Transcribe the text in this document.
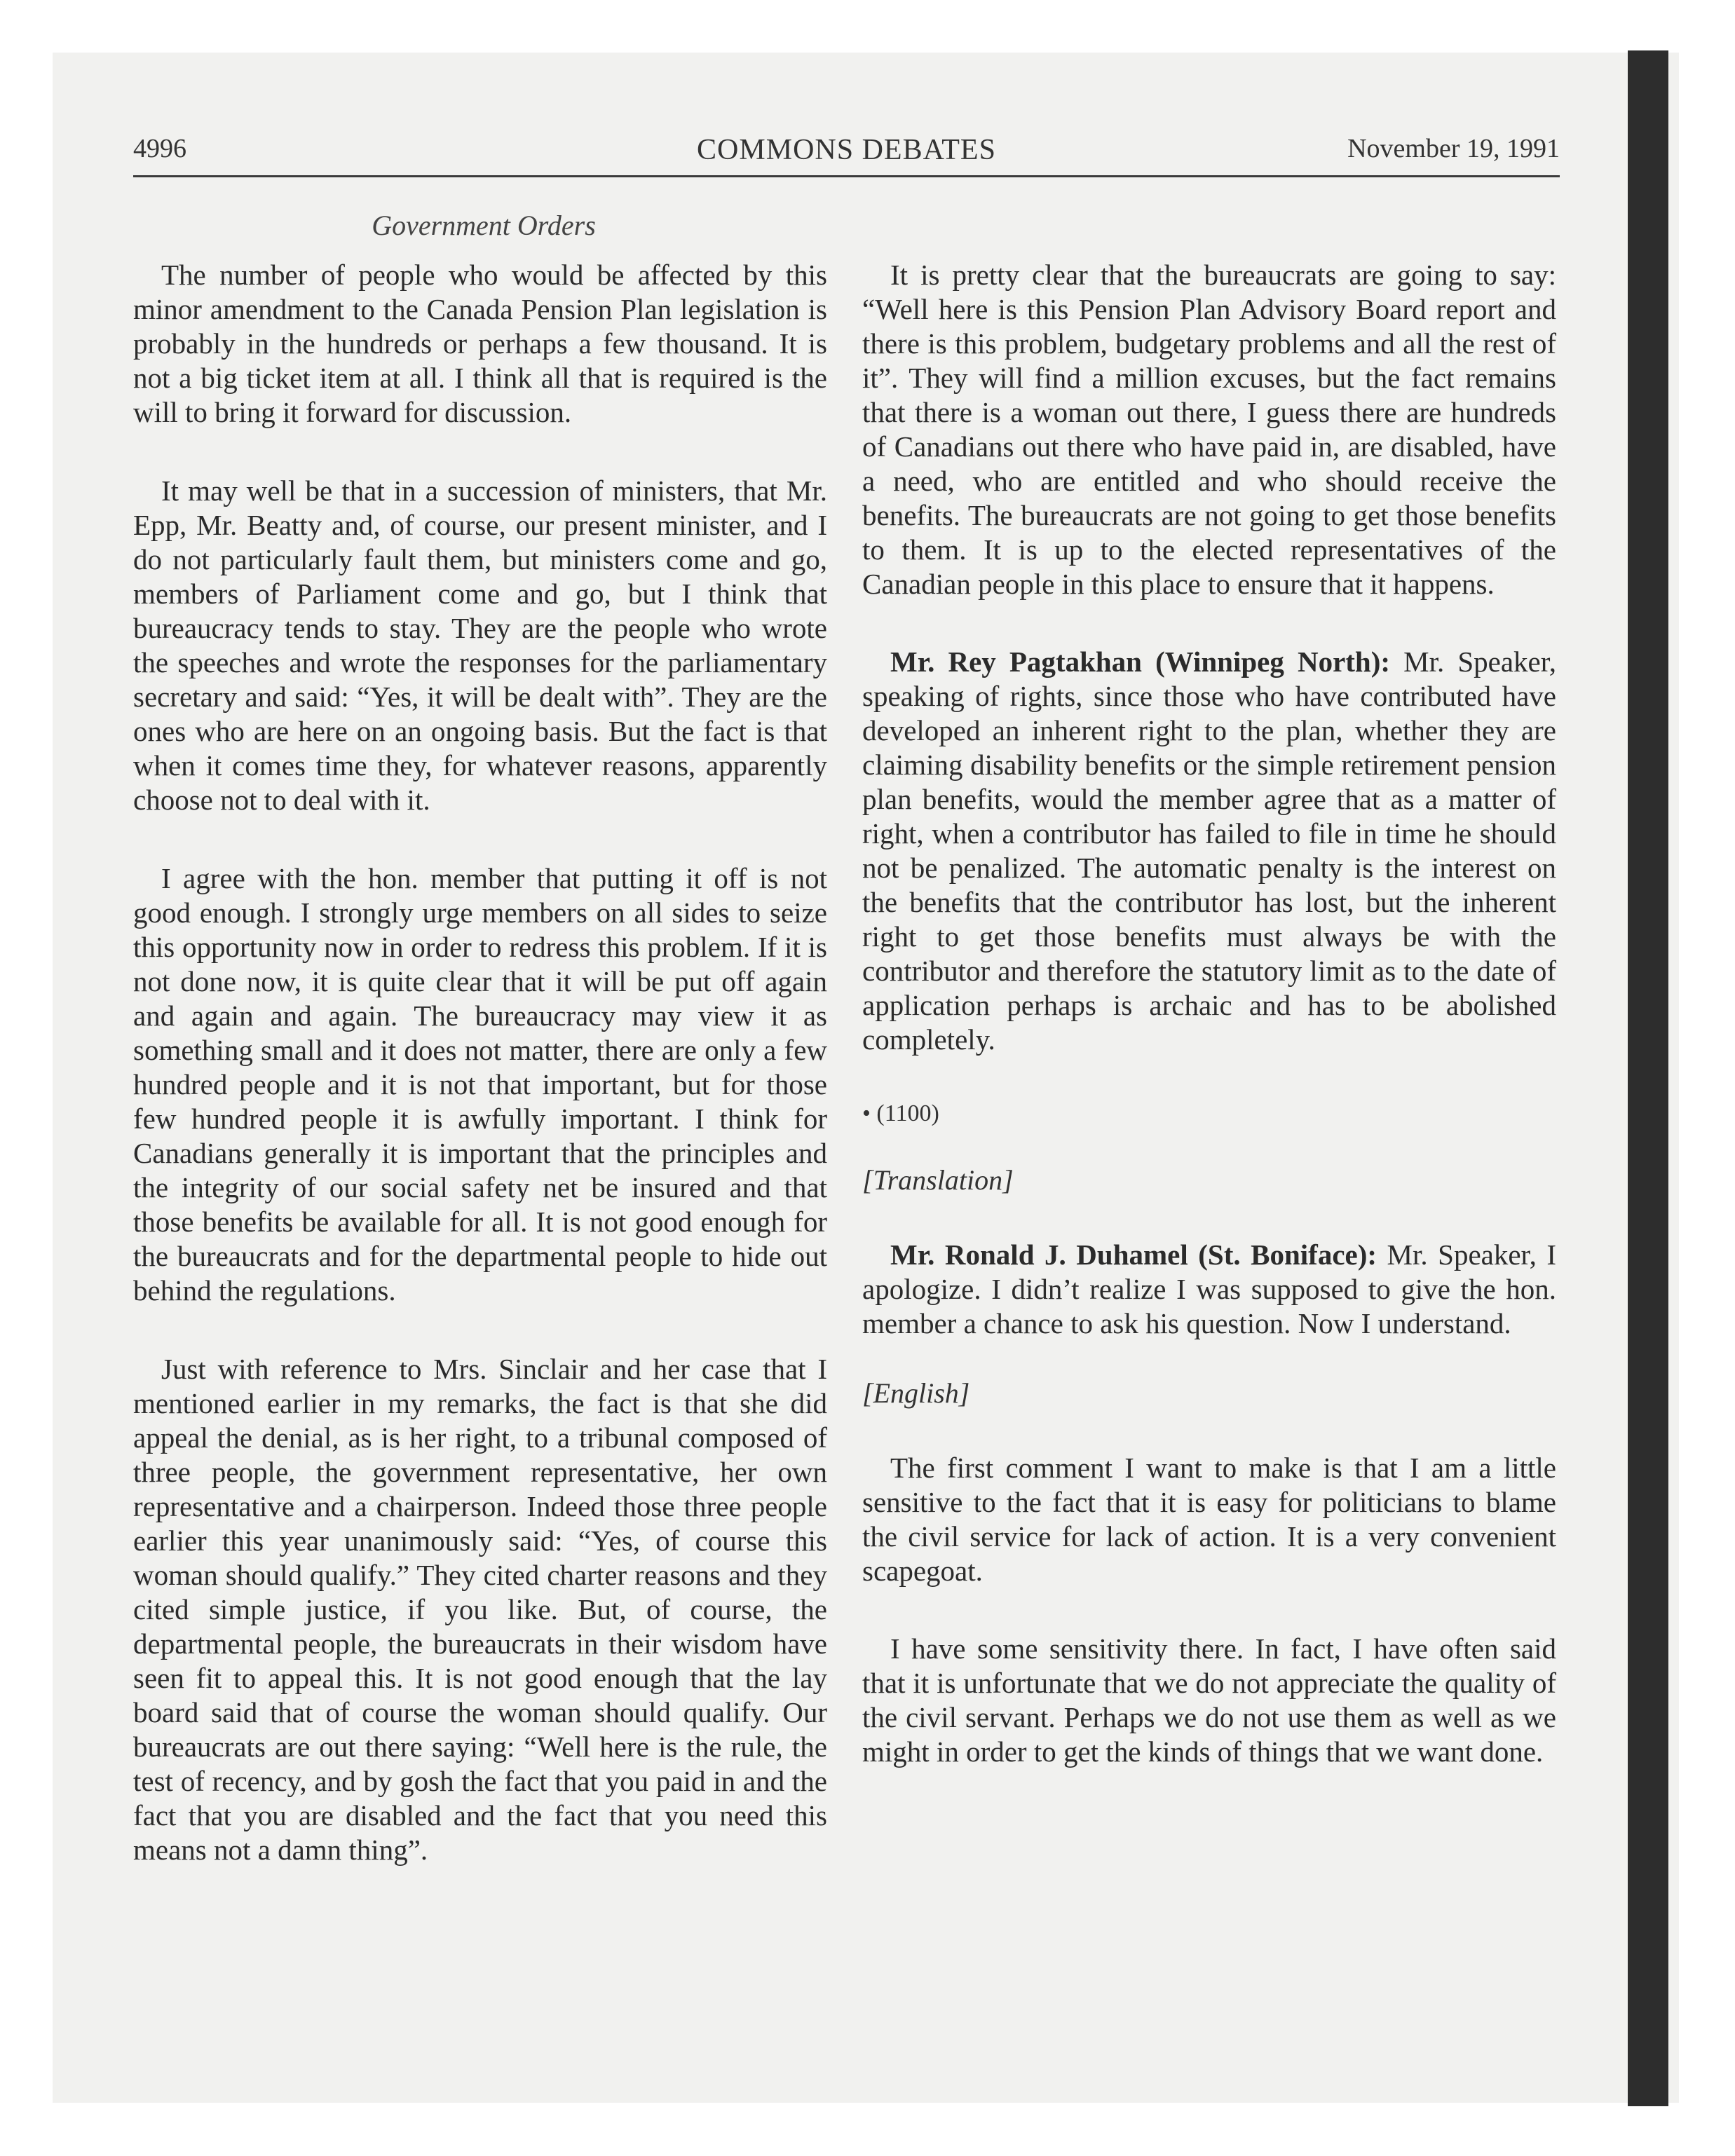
4996	COMMONS DEBATES	November 19, 1991
Government Orders

The number of people who would be affected by this minor amendment to the Canada Pension Plan legislation is probably in the hundreds or perhaps a few thousand. It is not a big ticket item at all. I think all that is required is the will to bring it forward for discussion.

It may well be that in a succession of ministers, that Mr. Epp, Mr. Beatty and, of course, our present minister, and I do not particularly fault them, but ministers come and go, members of Parliament come and go, but I think that bureaucracy tends to stay. They are the people who wrote the speeches and wrote the responses for the parliamentary secretary and said: “Yes, it will be dealt with”. They are the ones who are here on an ongoing basis. But the fact is that when it comes time they, for whatever reasons, apparently choose not to deal with it.

I agree with the hon. member that putting it off is not good enough. I strongly urge members on all sides to seize this opportunity now in order to redress this problem. If it is not done now, it is quite clear that it will be put off again and again and again. The bureaucracy may view it as something small and it does not matter, there are only a few hundred people and it is not that important, but for those few hundred people it is awfully important. I think for Canadians generally it is important that the principles and the integrity of our social safety net be insured and that those benefits be available for all. It is not good enough for the bureaucrats and for the departmental people to hide out behind the regulations.

Just with reference to Mrs. Sinclair and her case that I mentioned earlier in my remarks, the fact is that she did appeal the denial, as is her right, to a tribunal composed of three people, the government representative, her own representative and a chairperson. Indeed those three people earlier this year unanimously said: “Yes, of course this woman should qualify.” They cited charter reasons and they cited simple justice, if you like. But, of course, the departmental people, the bureaucrats in their wisdom have seen fit to appeal this. It is not good enough that the lay board said that of course the woman should qualify. Our bureaucrats are out there saying: “Well here is the rule, the test of recency, and by gosh the fact that you paid in and the fact that you are disabled and the fact that you need this means not a damn thing”.

It is pretty clear that the bureaucrats are going to say: “Well here is this Pension Plan Advisory Board report and there is this problem, budgetary problems and all the rest of it”. They will find a million excuses, but the fact remains that there is a woman out there, I guess there are hundreds of Canadians out there who have paid in, are disabled, have a need, who are entitled and who should receive the benefits. The bureaucrats are not going to get those benefits to them. It is up to the elected representatives of the Canadian people in this place to ensure that it happens.

Mr. Rey Pagtakhan (Winnipeg North): Mr. Speaker, speaking of rights, since those who have contributed have developed an inherent right to the plan, whether they are claiming disability benefits or the simple retirement pension plan benefits, would the member agree that as a matter of right, when a contributor has failed to file in time he should not be penalized. The automatic penalty is the interest on the benefits that the contributor has lost, but the inherent right to get those benefits must always be with the contributor and therefore the statutory limit as to the date of application perhaps is archaic and has to be abolished completely.

• (1100)

[Translation]

Mr. Ronald J. Duhamel (St. Boniface): Mr. Speaker, I apologize. I didn’t realize I was supposed to give the hon. member a chance to ask his question. Now I understand.

[English]

The first comment I want to make is that I am a little sensitive to the fact that it is easy for politicians to blame the civil service for lack of action. It is a very convenient scapegoat.

I have some sensitivity there. In fact, I have often said that it is unfortunate that we do not appreciate the quality of the civil servant. Perhaps we do not use them as well as we might in order to get the kinds of things that we want done.
